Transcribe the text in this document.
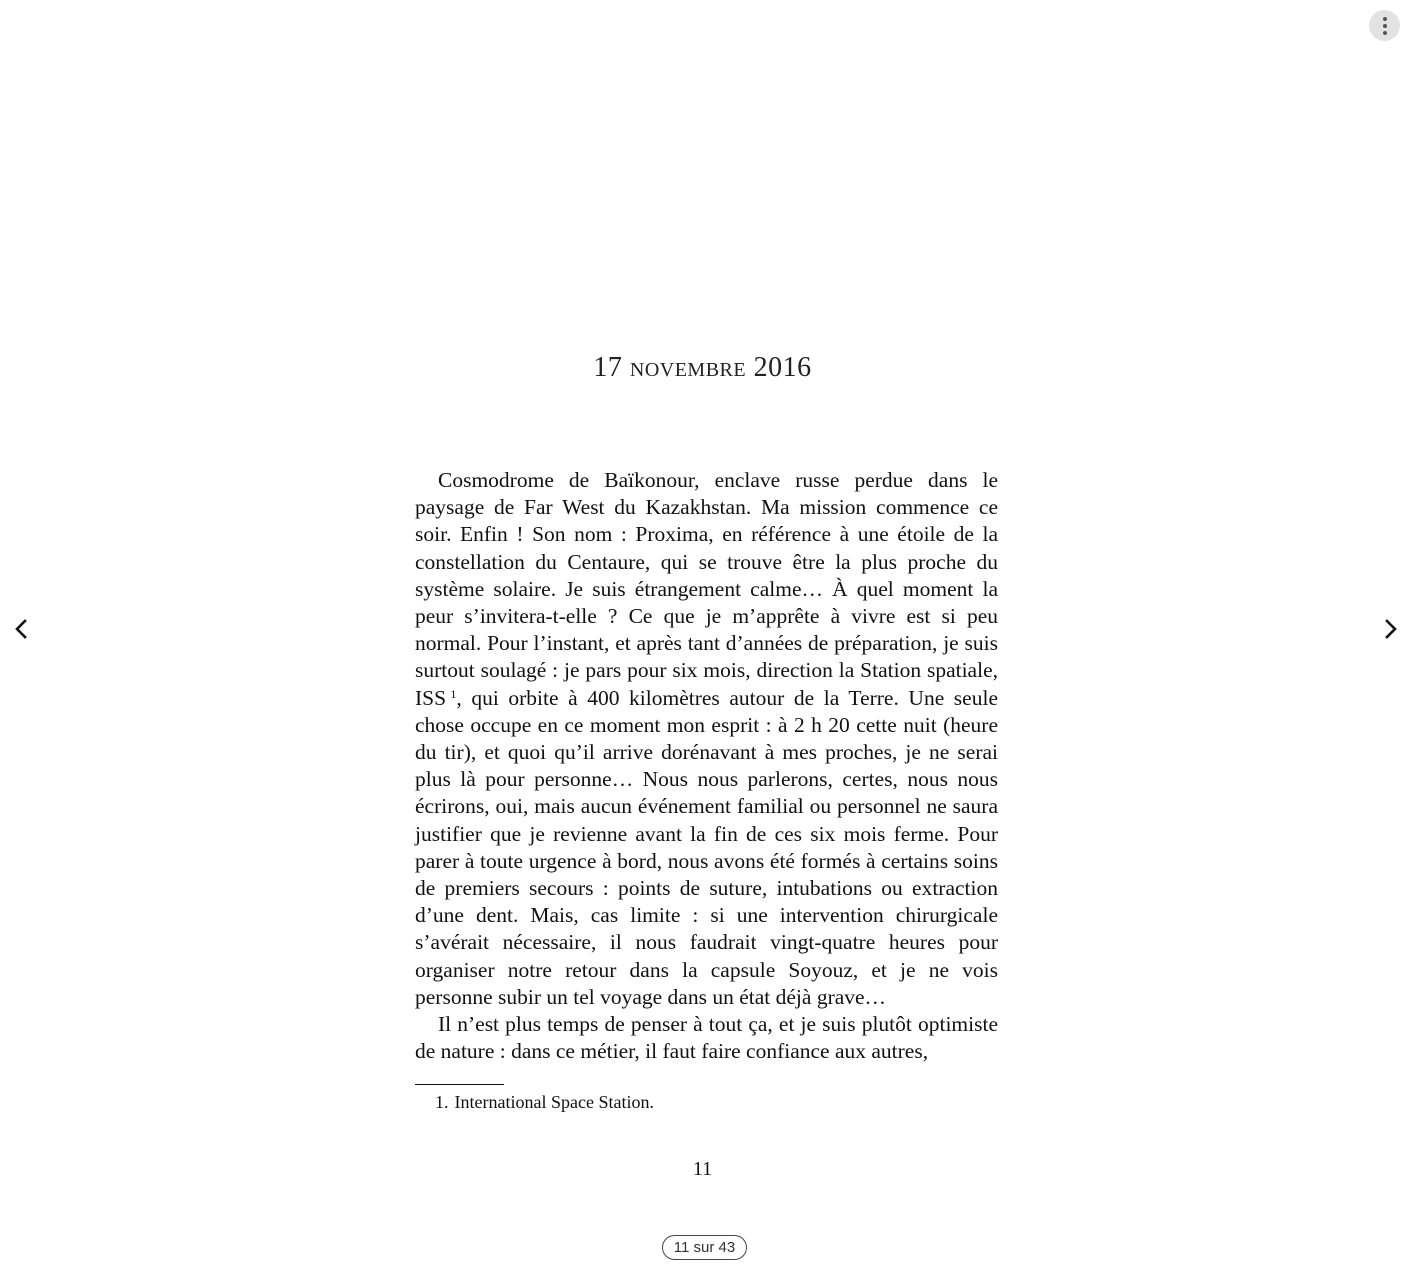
17 novembre 2016

Cosmodrome de Baïkonour, enclave russe perdue dans le paysage de Far West du Kazakhstan. Ma mission commence ce soir. Enfin ! Son nom : Proxima, en référence à une étoile de la constellation du Centaure, qui se trouve être la plus proche du système solaire. Je suis étrangement calme… À quel moment la peur s’invitera-t-elle ? Ce que je m’apprête à vivre est si peu normal. Pour l’instant, et après tant d’années de préparation, je suis surtout soulagé : je pars pour six mois, direction la Station spatiale, ISS  $^1$, qui orbite à 400 kilomètres autour de la Terre. Une seule chose occupe en ce moment mon esprit : à 2 h 20 cette nuit (heure du tir), et quoi qu’il arrive dorénavant à mes proches, je ne serai plus là pour personne… Nous nous parlerons, certes, nous nous écrirons, oui, mais aucun événement familial ou personnel ne saura justifier que je revienne avant la fin de ces six mois ferme. Pour parer à toute urgence à bord, nous avons été formés à certains soins de premiers secours : points de suture, intubations ou extraction d’une dent. Mais, cas limite : si une intervention chirurgicale s’avérait nécessaire, il nous faudrait vingt-quatre heures pour organiser notre retour dans la capsule Soyouz, et je ne vois personne subir un tel voyage dans un état déjà grave…

Il n’est plus temps de penser à tout ça, et je suis plutôt optimiste de nature : dans ce métier, il faut faire confiance aux autres,

1. International Space Station.
11
11 sur 43
